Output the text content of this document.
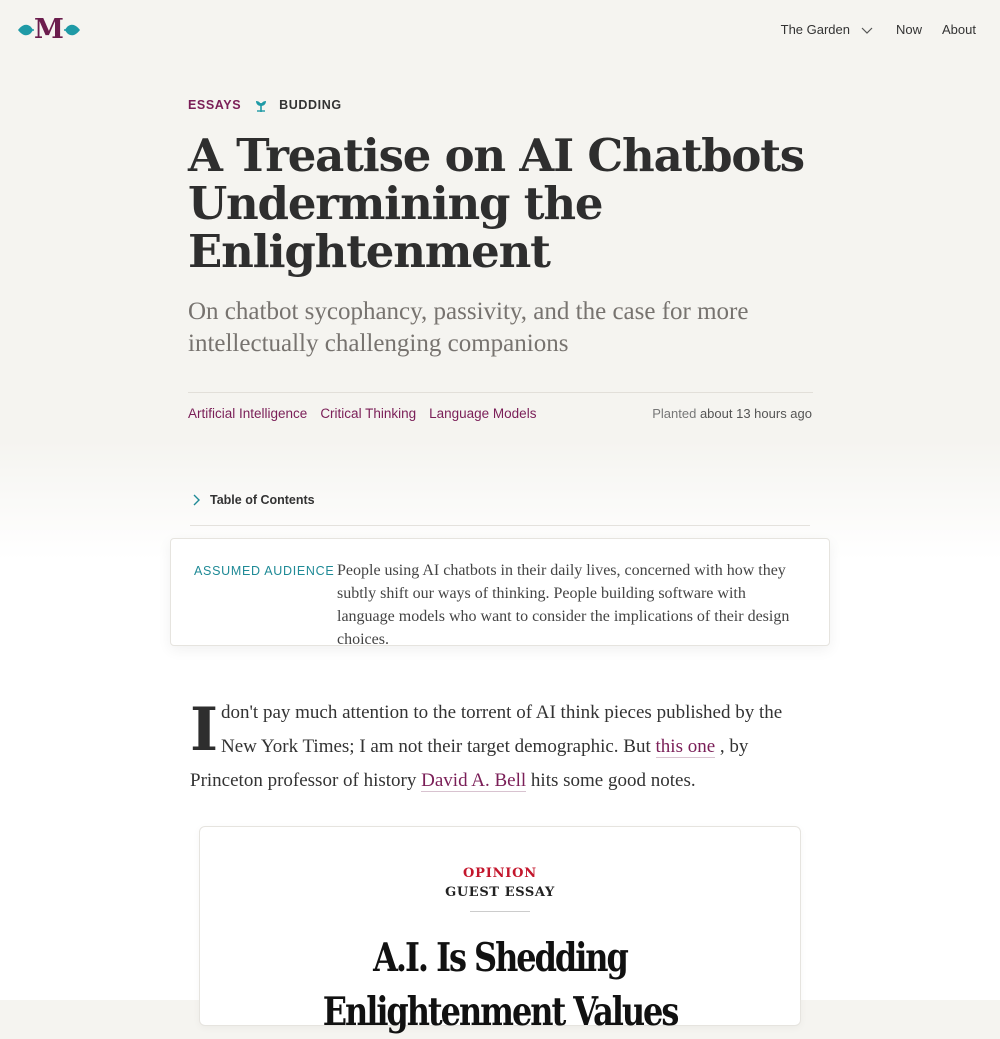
M	The Garden	Now About
ESSAYS	BUDDING
A Treatise on AI Chatbots Undermining the Enlightenment

On chatbot sycophancy, passivity, and the case for more intellectually challenging companions

Artificial Intelligence Critical Thinking Language Models	Planted about 13 hours ago
Table of Contents
ASSUMED AUDIENCE People using AI chatbots in their daily lives, concerned with how they subtly shift our ways of thinking. People building software with language models who want to consider the implications of their design choices.
I don't pay much attention to the torrent of AI think pieces published by the
New York Times; I am not their target demographic. But this one , by
Princeton professor of history David A. Bell hits some good notes.
OPINION
GUEST ESSAY
A.I. Is Shedding Enlightenment Values
